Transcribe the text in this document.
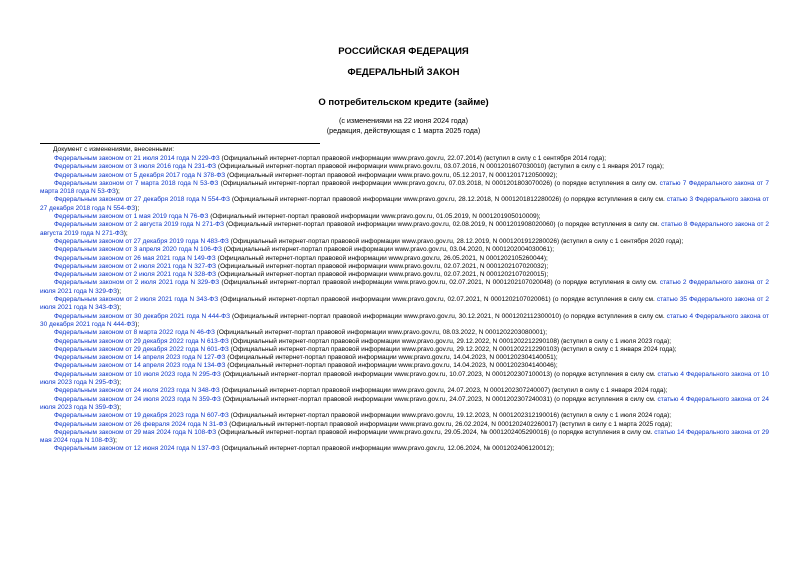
РОССИЙСКАЯ ФЕДЕРАЦИЯ
ФЕДЕРАЛЬНЫЙ ЗАКОН
О потребительском кредите (займе)
(с изменениями на 22 июня 2024 года)
(редакция, действующая с 1 марта 2025 года)
Документ с изменениями, внесенными:
Федеральным законом от 21 июля 2014 года N 229-ФЗ (Официальный интернет-портал правовой информации www.pravo.gov.ru, 22.07.2014) (вступил в силу с 1 сентября 2014 года);
Федеральным законом от 3 июля 2016 года N 231-ФЗ (Официальный интернет-портал правовой информации www.pravo.gov.ru, 03.07.2016, N 0001201607030010) (вступил в силу с 1 января 2017 года);
Федеральным законом от 5 декабря 2017 года N 378-ФЗ (Официальный интернет-портал правовой информации www.pravo.gov.ru, 05.12.2017, N 0001201712050092);
Федеральным законом от 7 марта 2018 года N 53-ФЗ (Официальный интернет-портал правовой информации www.pravo.gov.ru, 07.03.2018, N 0001201803070026) (о порядке вступления в силу см. статью 7 Федерального закона от 7 марта 2018 года N 53-ФЗ);
Федеральным законом от 27 декабря 2018 года N 554-ФЗ (Официальный интернет-портал правовой информации www.pravo.gov.ru, 28.12.2018, N 0001201812280026) (о порядке вступления в силу см. статью 3 Федерального закона от 27 декабря 2018 года N 554-ФЗ);
Федеральным законом от 1 мая 2019 года N 76-ФЗ (Официальный интернет-портал правовой информации www.pravo.gov.ru, 01.05.2019, N 0001201905010009);
Федеральным законом от 2 августа 2019 года N 271-ФЗ (Официальный интернет-портал правовой информации www.pravo.gov.ru, 02.08.2019, N 0001201908020060) (о порядке вступления в силу см. статью 8 Федерального закона от 2 августа 2019 года N 271-ФЗ);
Федеральным законом от 27 декабря 2019 года N 483-ФЗ (Официальный интернет-портал правовой информации www.pravo.gov.ru, 28.12.2019, N 0001201912280026) (вступил в силу с 1 сентября 2020 года);
Федеральным законом от 3 апреля 2020 года N 106-ФЗ (Официальный интернет-портал правовой информации www.pravo.gov.ru, 03.04.2020, N 0001202004030061);
Федеральным законом от 26 мая 2021 года N 149-ФЗ (Официальный интернет-портал правовой информации www.pravo.gov.ru, 26.05.2021, N 0001202105260044);
Федеральным законом от 2 июля 2021 года N 327-ФЗ (Официальный интернет-портал правовой информации www.pravo.gov.ru, 02.07.2021, N 0001202107020032);
Федеральным законом от 2 июля 2021 года N 328-ФЗ (Официальный интернет-портал правовой информации www.pravo.gov.ru, 02.07.2021, N 0001202107020015);
Федеральным законом от 2 июля 2021 года N 329-ФЗ (Официальный интернет-портал правовой информации www.pravo.gov.ru, 02.07.2021, N 0001202107020048) (о порядке вступления в силу см. статью 2 Федерального закона от 2 июля 2021 года N 329-ФЗ);
Федеральным законом от 2 июля 2021 года N 343-ФЗ (Официальный интернет-портал правовой информации www.pravo.gov.ru, 02.07.2021, N 0001202107020061) (о порядке вступления в силу см. статью 35 Федерального закона от 2 июля 2021 года N 343-ФЗ);
Федеральным законом от 30 декабря 2021 года N 444-ФЗ (Официальный интернет-портал правовой информации www.pravo.gov.ru, 30.12.2021, N 0001202112300010) (о порядке вступления в силу см. статью 4 Федерального закона от 30 декабря 2021 года N 444-ФЗ);
Федеральным законом от 8 марта 2022 года N 46-ФЗ (Официальный интернет-портал правовой информации www.pravo.gov.ru, 08.03.2022, N 0001202203080001);
Федеральным законом от 29 декабря 2022 года N 613-ФЗ (Официальный интернет-портал правовой информации www.pravo.gov.ru, 29.12.2022, N 0001202212290108) (вступил в силу с 1 июля 2023 года);
Федеральным законом от 29 декабря 2022 года N 601-ФЗ (Официальный интернет-портал правовой информации www.pravo.gov.ru, 29.12.2022, N 0001202212290103) (вступил в силу с 1 января 2024 года);
Федеральным законом от 14 апреля 2023 года N 127-ФЗ (Официальный интернет-портал правовой информации www.pravo.gov.ru, 14.04.2023, N 0001202304140051);
Федеральным законом от 14 апреля 2023 года N 134-ФЗ (Официальный интернет-портал правовой информации www.pravo.gov.ru, 14.04.2023, N 0001202304140046);
Федеральным законом от 10 июля 2023 года N 295-ФЗ (Официальный интернет-портал правовой информации www.pravo.gov.ru, 10.07.2023, N 0001202307100013) (о порядке вступления в силу см. статью 4 Федерального закона от 10 июля 2023 года N 295-ФЗ);
Федеральным законом от 24 июля 2023 года N 348-ФЗ (Официальный интернет-портал правовой информации www.pravo.gov.ru, 24.07.2023, N 0001202307240007) (вступил в силу с 1 января 2024 года);
Федеральным законом от 24 июля 2023 года N 359-ФЗ (Официальный интернет-портал правовой информации www.pravo.gov.ru, 24.07.2023, N 0001202307240031) (о порядке вступления в силу см. статью 4 Федерального закона от 24 июля 2023 года N 359-ФЗ);
Федеральным законом от 19 декабря 2023 года N 607-ФЗ (Официальный интернет-портал правовой информации www.pravo.gov.ru, 19.12.2023, N 0001202312190016) (вступил в силу с 1 июля 2024 года);
Федеральным законом от 26 февраля 2024 года N 31-ФЗ (Официальный интернет-портал правовой информации www.pravo.gov.ru, 26.02.2024, N 0001202402260017) (вступил в силу с 1 марта 2025 года);
Федеральным законом от 29 мая 2024 года N 108-ФЗ (Официальный интернет-портал правовой информации www.pravo.gov.ru, 29.05.2024, № 0001202405290016) (о порядке вступления в силу см. статью 14 Федерального закона от 29 мая 2024 года N 108-ФЗ);
Федеральным законом от 12 июня 2024 года N 137-ФЗ (Официальный интернет-портал правовой информации www.pravo.gov.ru, 12.06.2024, № 0001202406120012);
